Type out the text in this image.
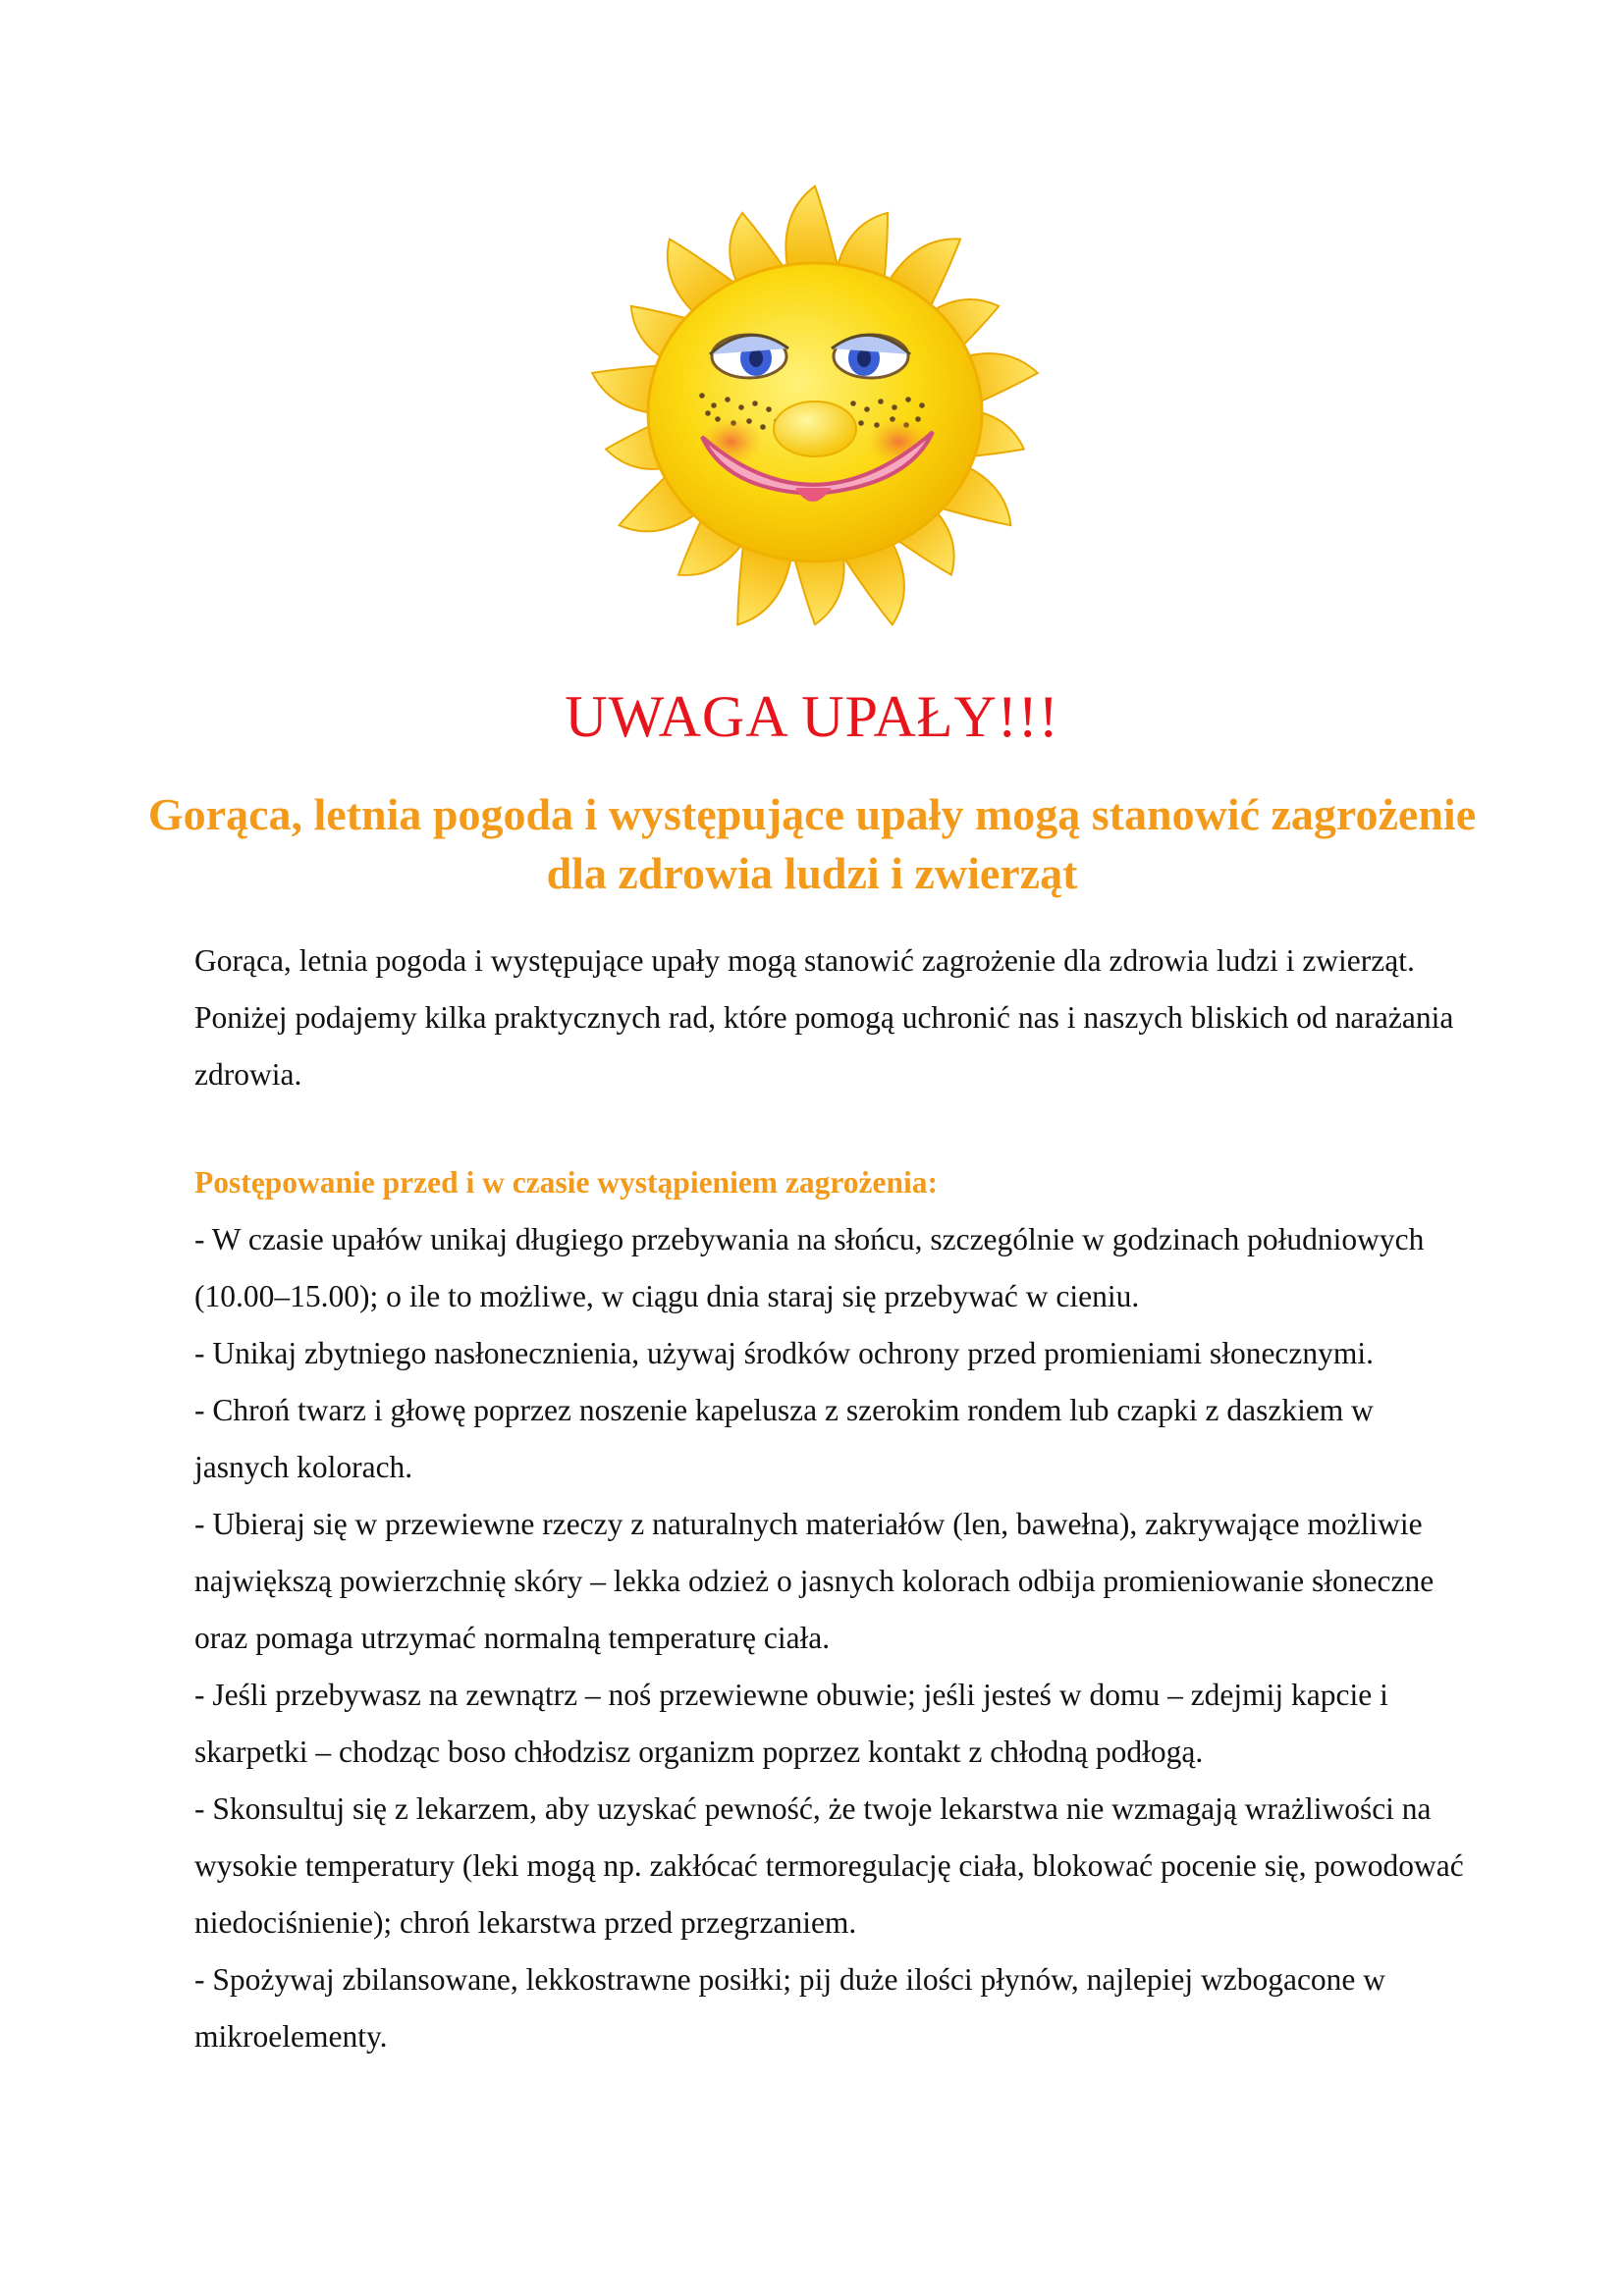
UWAGA UPAŁY!!!
Gorąca, letnia pogoda i występujące upały mogą stanowić zagrożenie dla zdrowia ludzi i zwierząt

Gorąca, letnia pogoda i występujące upały mogą stanowić zagrożenie dla zdrowia ludzi i zwierząt. Poniżej podajemy kilka praktycznych rad, które pomogą uchronić nas i naszych bliskich od narażania zdrowia.

Postępowanie przed i w czasie wystąpieniem zagrożenia:

- W czasie upałów unikaj długiego przebywania na słońcu, szczególnie w godzinach południowych (10.00–15.00); o ile to możliwe, w ciągu dnia staraj się przebywać w cieniu.

- Unikaj zbytniego nasłonecznienia, używaj środków ochrony przed promieniami słonecznymi.

- Chroń twarz i głowę poprzez noszenie kapelusza z szerokim rondem lub czapki z daszkiem w jasnych kolorach.

- Ubieraj się w przewiewne rzeczy z naturalnych materiałów (len, bawełna), zakrywające możliwie największą powierzchnię skóry – lekka odzież o jasnych kolorach odbija promieniowanie słoneczne oraz pomaga utrzymać normalną temperaturę ciała.

- Jeśli przebywasz na zewnątrz – noś przewiewne obuwie; jeśli jesteś w domu – zdejmij kapcie i skarpetki – chodząc boso chłodzisz organizm poprzez kontakt z chłodną podłogą.

- Skonsultuj się z lekarzem, aby uzyskać pewność, że twoje lekarstwa nie wzmagają wrażliwości na wysokie temperatury (leki mogą np. zakłócać termoregulację ciała, blokować pocenie się, powodować niedociśnienie); chroń lekarstwa przed przegrzaniem.

- Spożywaj zbilansowane, lekkostrawne posiłki; pij duże ilości płynów, najlepiej wzbogacone w mikroelementy.
